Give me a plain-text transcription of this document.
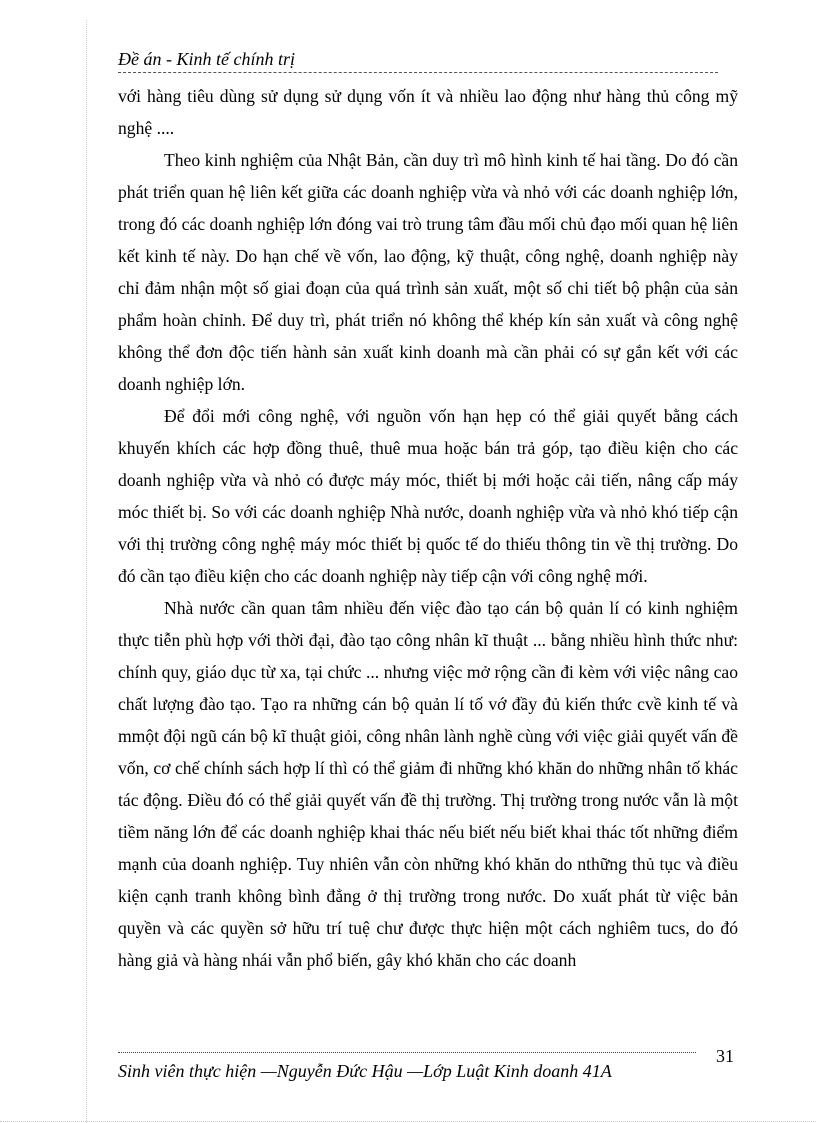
Đề án - Kinh tế chính trị

với hàng tiêu dùng sử dụng sử dụng vốn ít và nhiều lao động như hàng thủ công mỹ nghệ ....

Theo kinh nghiệm của Nhật Bản, cần duy trì mô hình kinh tế hai tầng. Do đó cần phát triển quan hệ liên kết giữa các doanh nghiệp vừa và nhỏ với các doanh nghiệp lớn, trong đó các doanh nghiệp lớn đóng vai trò trung tâm đầu mối chủ đạo mối quan hệ liên kết kinh tế này. Do hạn chế về vốn, lao động, kỹ thuật, công nghệ, doanh nghiệp này chỉ đảm nhận một số giai đoạn của quá trình sản xuất, một số chi tiết bộ phận của sản phẩm hoàn chỉnh. Để duy trì, phát triển nó không thể khép kín sản xuất và công nghệ không thể đơn độc tiến hành sản xuất kinh doanh mà cần phải có sự gắn kết với các doanh nghiệp lớn.

Để đổi mới công nghệ, với nguồn vốn hạn hẹp có thể giải quyết bằng cách khuyến khích các hợp đồng thuê, thuê mua hoặc bán trả góp, tạo điều kiện cho các doanh nghiệp vừa và nhỏ có được máy móc, thiết bị mới hoặc cải tiến, nâng cấp máy móc thiết bị. So với các doanh nghiệp Nhà nước, doanh nghiệp vừa và nhỏ khó tiếp cận với thị trường công nghệ máy móc thiết bị quốc tế do thiếu thông tin về thị trường. Do đó cần tạo điều kiện cho các doanh nghiệp này tiếp cận với công nghệ mới.

Nhà nước cần quan tâm nhiều đến việc đào tạo cán bộ quản lí có kinh nghiệm thực tiễn phù hợp với thời đại, đào tạo công nhân kĩ thuật ... bằng nhiều hình thức như: chính quy, giáo dục từ xa, tại chức ... nhưng việc mở rộng cần đi kèm với việc nâng cao chất lượng đào tạo. Tạo ra những cán bộ quản lí tố vớ đầy đủ kiến thức cvề kinh tế và mmột đội ngũ cán bộ kĩ thuật giỏi, công nhân lành nghề cùng với việc giải quyết vấn đề vốn, cơ chế chính sách hợp lí thì có thể giảm đi những khó khăn do những nhân tố khác tác động. Điều đó có thể giải quyết vấn đề thị trường. Thị trường trong nước vẫn là một tiềm năng lớn để các doanh nghiệp khai thác nếu biết nếu biết khai thác tốt những điểm mạnh của doanh nghiệp. Tuy nhiên vẫn còn những khó khăn do nthững thủ tục và điều kiện cạnh tranh không bình đẳng ở thị trường trong nước. Do xuất phát từ việc bản quyền và các quyền sở hữu trí tuệ chư được thực hiện một cách nghiêm tucs, do đó hàng giả và hàng nhái vẫn phổ biến, gây khó khăn cho các doanh

31
Sinh viên thực hiện —Nguyễn Đức Hậu —Lớp Luật Kinh doanh 41A
